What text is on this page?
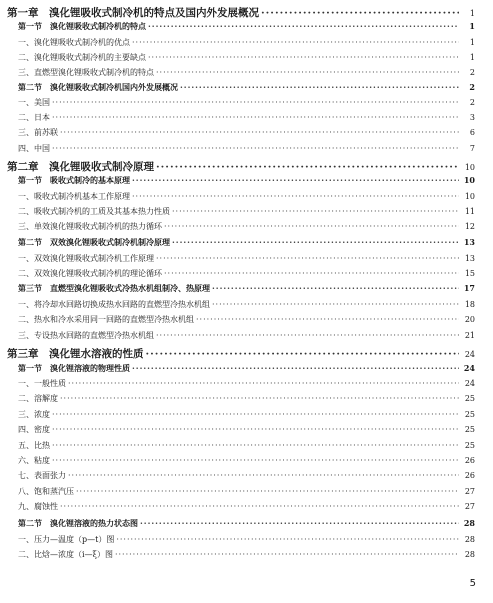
第一章　溴化锂吸收式制冷机的特点及国内外发展概况 ·····	1
第一节　溴化锂吸收式制冷机的特点 ·····	1
一、溴化锂吸收式制冷机的优点 ·····	1
二、溴化锂吸收式制冷机的主要缺点 ·····	1
三、直燃型溴化锂吸收式制冷机的特点 ·····	2
第二节　溴化锂吸收式制冷机国内外发展概况 ·····	2
一、美国 ·····	2
二、日本 ·····	3
三、前苏联 ·····	6
四、中国 ·····	7
第二章　溴化锂吸收式制冷原理 ·····	10
第一节　吸收式制冷的基本原理 ·····	10
一、吸收式制冷机基本工作原理 ·····	10
二、吸收式制冷机的工质及其基本热力性质 ·····	11
三、单效溴化锂吸收式制冷机的热力循环 ·····	12
第二节　双效溴化锂吸收式制冷机制冷原理 ·····	13
一、双效溴化锂吸收式制冷机工作原理 ·····	13
二、双效溴化锂吸收式制冷机的理论循环 ·····	15
第三节　直燃型溴化锂吸收式冷热水机组制冷、热原理 ·····	17
一、将冷却水回路切换成热水回路的直燃型冷热水机组 ·····	18
二、热水和冷水采用同一回路的直燃型冷热水机组 ·····	20
三、专设热水回路的直燃型冷热水机组 ·····	21
第三章　溴化锂水溶液的性质 ·····	24
第一节　溴化锂溶液的物理性质 ·····	24
一、一般性质 ·····	24
二、溶解度 ·····	25
三、浓度 ·····	25
四、密度 ·····	25
五、比热 ·····	25
六、粘度 ·····	26
七、表面张力 ·····	26
八、饱和蒸汽压 ·····	27
九、腐蚀性 ·····	27
第二节　溴化锂溶液的热力状态图 ·····	28
一、压力—温度（p—t）图 ·····	28
二、比焓—浓度（i—ξ）图 ·····	28
5
